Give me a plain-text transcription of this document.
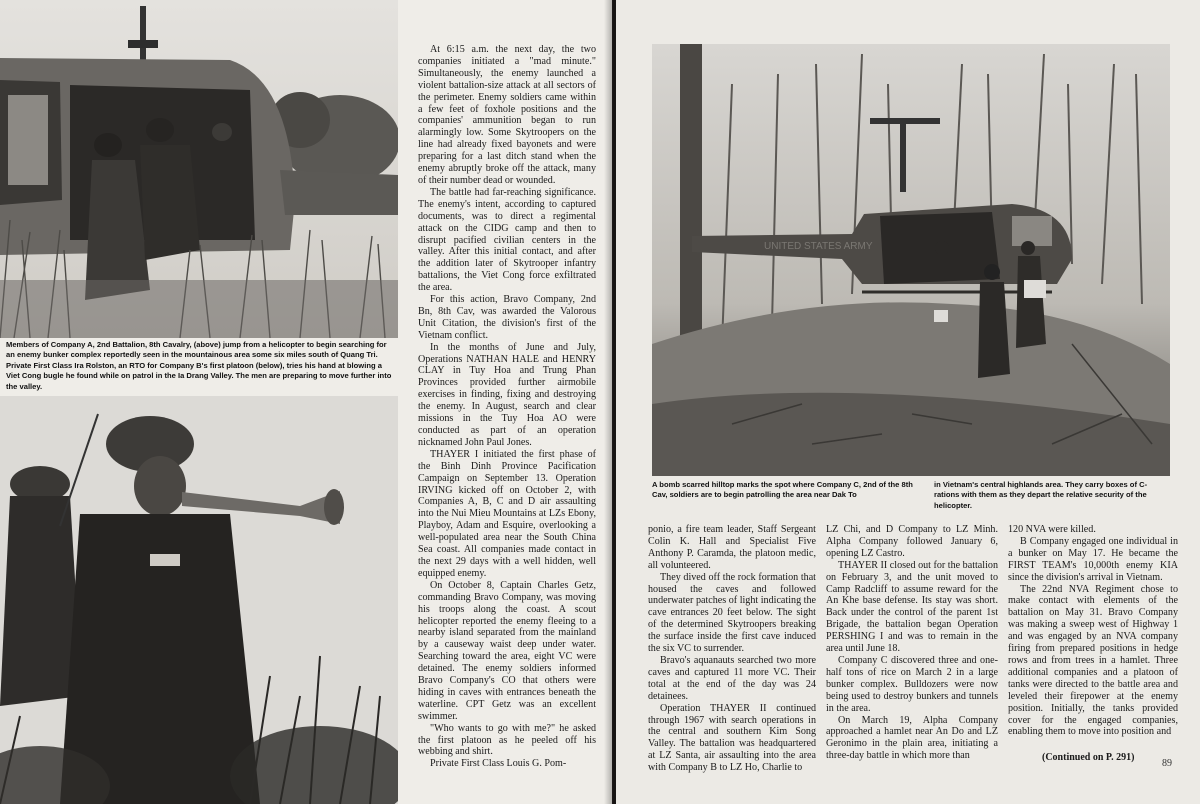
Members of Company A, 2nd Battalion, 8th Cavalry, (above) jump from a helicopter to begin searching for an enemy bunker complex reportedly seen in the mountainous area some six miles south of Quang Tri. Private First Class Ira Rolston, an RTO for Company B's first platoon (below), tries his hand at blowing a Viet Cong bugle he found while on patrol in the Ia Drang Valley. The men are preparing to move further into the valley.

At 6:15 a.m. the next day, the two companies initiated a "mad minute." Simultaneously, the enemy launched a violent battalion-size attack at all sectors of the perimeter. Enemy soldiers came within a few feet of foxhole positions and the companies' ammunition began to run alarmingly low. Some Skytroopers on the line had already fixed bayonets and were preparing for a last ditch stand when the enemy abruptly broke off the attack, many of their number dead or wounded.

The battle had far-reaching significance. The enemy's intent, according to captured documents, was to direct a regimental attack on the CIDG camp and then to disrupt pacified civilian centers in the valley. After this initial contact, and after the addition later of Skytrooper infantry battalions, the Viet Cong force exfiltrated the area.

For this action, Bravo Company, 2nd Bn, 8th Cav, was awarded the Valorous Unit Citation, the division's first of the Vietnam conflict.

In the months of June and July, Operations NATHAN HALE and HENRY CLAY in Tuy Hoa and Trung Phan Provinces provided further airmobile exercises in finding, fixing and destroying the enemy. In August, search and clear missions in the Tuy Hoa AO were conducted as part of an operation nicknamed John Paul Jones.

THAYER I initiated the first phase of the Binh Dinh Province Pacification Campaign on September 13. Operation IRVING kicked off on October 2, with Companies A, B, C and D air assaulting into the Nui Mieu Mountains at LZs Ebony, Playboy, Adam and Esquire, overlooking a well-populated area near the South China Sea coast. All companies made contact in the next 29 days with a well hidden, well equipped enemy.

On October 8, Captain Charles Getz, commanding Bravo Company, was moving his troops along the coast. A scout helicopter reported the enemy fleeing to a nearby island separated from the mainland by a causeway waist deep under water. Searching toward the area, eight VC were detained. The enemy soldiers informed Bravo Company's CO that others were hiding in caves with entrances beneath the waterline. CPT Getz was an excellent swimmer.

"Who wants to go with me?" he asked the first platoon as he peeled off his webbing and shirt.

Private First Class Louis G. Pom-

UNITED STATES ARMY
A bomb scarred hilltop marks the spot where Company C, 2nd of the 8th Cav, soldiers are to begin patrolling the area near Dak To
in Vietnam's central highlands area. They carry boxes of C-rations with them as they depart the relative security of the helicopter.

ponio, a fire team leader, Staff Sergeant Colin K. Hall and Specialist Five Anthony P. Caramda, the platoon medic, all volunteered.

They dived off the rock formation that housed the caves and followed underwater patches of light indicating the cave entrances 20 feet below. The sight of the determined Skytroopers breaking the surface inside the first cave induced the six VC to surrender.

Bravo's aquanauts searched two more caves and captured 11 more VC. Their total at the end of the day was 24 detainees.

Operation THAYER II continued through 1967 with search operations in the central and southern Kim Song Valley. The battalion was headquartered at LZ Santa, air assaulting into the area with Company B to LZ Ho, Charlie to

LZ Chi, and D Company to LZ Minh. Alpha Company followed January 6, opening LZ Castro.

THAYER II closed out for the battalion on February 3, and the unit moved to Camp Radcliff to assume reward for the An Khe base defense. Its stay was short. Back under the control of the parent 1st Brigade, the battalion began Operation PERSHING I and was to remain in the area until June 18.

Company C discovered three and one-half tons of rice on March 2 in a large bunker complex. Bulldozers were now being used to destroy bunkers and tunnels in the area.

On March 19, Alpha Company approached a hamlet near An Do and LZ Geronimo in the plain area, initiating a three-day battle in which more than

120 NVA were killed.

B Company engaged one individual in a bunker on May 17. He became the FIRST TEAM's 10,000th enemy KIA since the division's arrival in Vietnam.

The 22nd NVA Regiment chose to make contact with elements of the battalion on May 31. Bravo Company was making a sweep west of Highway 1 and was engaged by an NVA company firing from prepared positions in hedge rows and from trees in a hamlet. Three additional companies and a platoon of tanks were directed to the battle area and leveled their firepower at the enemy position. Initially, the tanks provided cover for the engaged companies, enabling them to move into position and

(Continued on P. 291)
89
